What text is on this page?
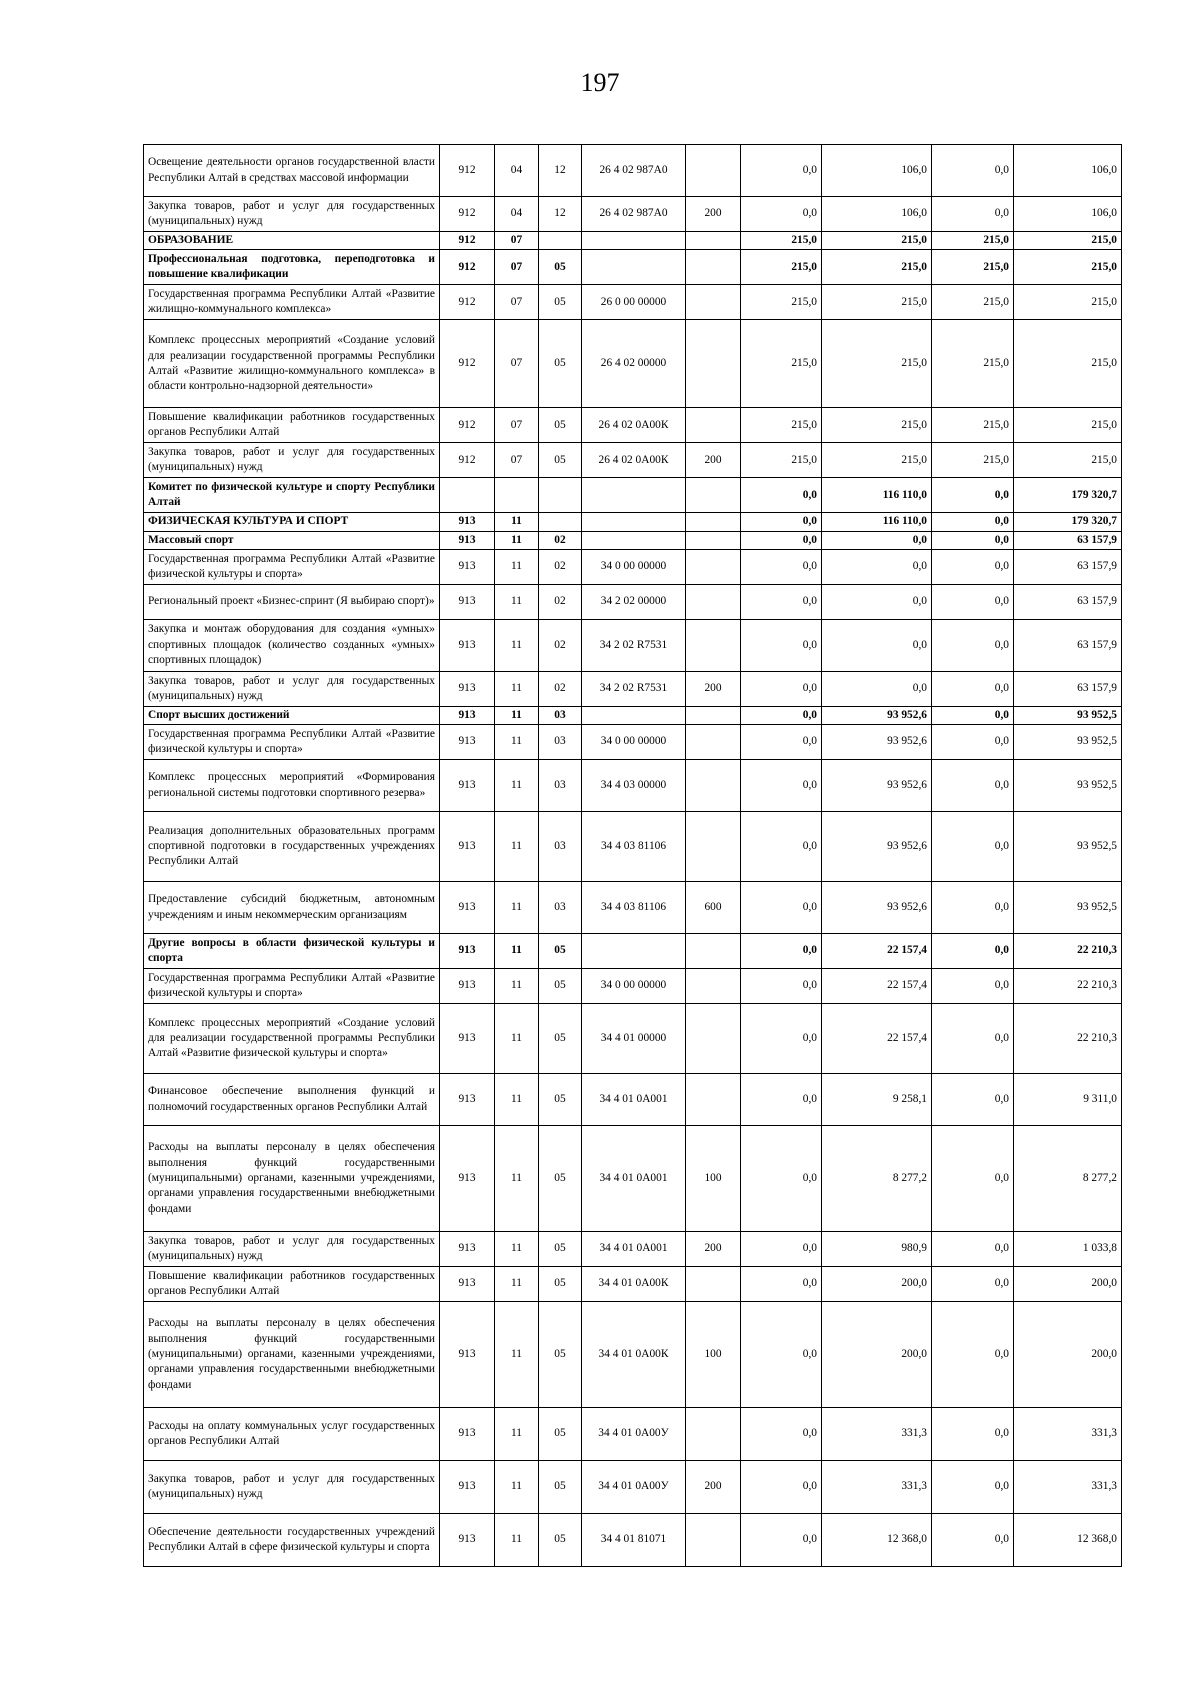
197
Освещение деятельности органов государственной власти Республики Алтай в средствах массовой информации	912	04	12	26 4 02 987А0		0,0	106,0	0,0	106,0
Закупка товаров, работ и услуг для государственных (муниципальных) нужд	912	04	12	26 4 02 987А0	200	0,0	106,0	0,0	106,0
ОБРАЗОВАНИЕ	912	07				215,0	215,0	215,0	215,0
Профессиональная подготовка, переподготовка и повышение квалификации	912	07	05			215,0	215,0	215,0	215,0
Государственная программа Республики Алтай «Развитие жилищно-коммунального комплекса»	912	07	05	26 0 00 00000		215,0	215,0	215,0	215,0
Комплекс процессных мероприятий «Создание условий для реализации государственной программы Республики Алтай «Развитие жилищно-коммунального комплекса» в области контрольно-надзорной деятельности»	912	07	05	26 4 02 00000		215,0	215,0	215,0	215,0
Повышение квалификации работников государственных органов Республики Алтай	912	07	05	26 4 02 0А00К		215,0	215,0	215,0	215,0
Закупка товаров, работ и услуг для государственных (муниципальных) нужд	912	07	05	26 4 02 0А00К	200	215,0	215,0	215,0	215,0
Комитет по физической культуре и спорту Республики Алтай						0,0	116 110,0	0,0	179 320,7
ФИЗИЧЕСКАЯ КУЛЬТУРА И СПОРТ	913	11				0,0	116 110,0	0,0	179 320,7
Массовый спорт	913	11	02			0,0	0,0	0,0	63 157,9
Государственная программа Республики Алтай «Развитие физической культуры и спорта»	913	11	02	34 0 00 00000		0,0	0,0	0,0	63 157,9
Региональный проект «Бизнес-спринт (Я выбираю спорт)»	913	11	02	34 2 02 00000		0,0	0,0	0,0	63 157,9
Закупка и монтаж оборудования для создания «умных» спортивных площадок (количество созданных «умных» спортивных площадок)	913	11	02	34 2 02 R7531		0,0	0,0	0,0	63 157,9
Закупка товаров, работ и услуг для государственных (муниципальных) нужд	913	11	02	34 2 02 R7531	200	0,0	0,0	0,0	63 157,9
Спорт высших достижений	913	11	03			0,0	93 952,6	0,0	93 952,5
Государственная программа Республики Алтай «Развитие физической культуры и спорта»	913	11	03	34 0 00 00000		0,0	93 952,6	0,0	93 952,5
Комплекс процессных мероприятий «Формирования региональной системы подготовки спортивного резерва»	913	11	03	34 4 03 00000		0,0	93 952,6	0,0	93 952,5
Реализация дополнительных образовательных программ спортивной подготовки в государственных учреждениях Республики Алтай	913	11	03	34 4 03 81106		0,0	93 952,6	0,0	93 952,5
Предоставление субсидий бюджетным, автономным учреждениям и иным некоммерческим организациям	913	11	03	34 4 03 81106	600	0,0	93 952,6	0,0	93 952,5
Другие вопросы в области физической культуры и спорта	913	11	05			0,0	22 157,4	0,0	22 210,3
Государственная программа Республики Алтай «Развитие физической культуры и спорта»	913	11	05	34 0 00 00000		0,0	22 157,4	0,0	22 210,3
Комплекс процессных мероприятий «Создание условий для реализации государственной программы Республики Алтай «Развитие физической культуры и спорта»	913	11	05	34 4 01 00000		0,0	22 157,4	0,0	22 210,3
Финансовое обеспечение выполнения функций и полномочий государственных органов Республики Алтай	913	11	05	34 4 01 0А001		0,0	9 258,1	0,0	9 311,0
Расходы на выплаты персоналу в целях обеспечения выполнения функций государственными (муниципальными) органами, казенными учреждениями, органами управления государственными внебюджетными фондами	913	11	05	34 4 01 0А001	100	0,0	8 277,2	0,0	8 277,2
Закупка товаров, работ и услуг для государственных (муниципальных) нужд	913	11	05	34 4 01 0А001	200	0,0	980,9	0,0	1 033,8
Повышение квалификации работников государственных органов Республики Алтай	913	11	05	34 4 01 0А00К		0,0	200,0	0,0	200,0
Расходы на выплаты персоналу в целях обеспечения выполнения функций государственными (муниципальными) органами, казенными учреждениями, органами управления государственными внебюджетными фондами	913	11	05	34 4 01 0А00К	100	0,0	200,0	0,0	200,0
Расходы на оплату коммунальных услуг государственных органов Республики Алтай	913	11	05	34 4 01 0А00У		0,0	331,3	0,0	331,3
Закупка товаров, работ и услуг для государственных (муниципальных) нужд	913	11	05	34 4 01 0А00У	200	0,0	331,3	0,0	331,3
Обеспечение деятельности государственных учреждений Республики Алтай в сфере физической культуры и спорта	913	11	05	34 4 01 81071		0,0	12 368,0	0,0	12 368,0
